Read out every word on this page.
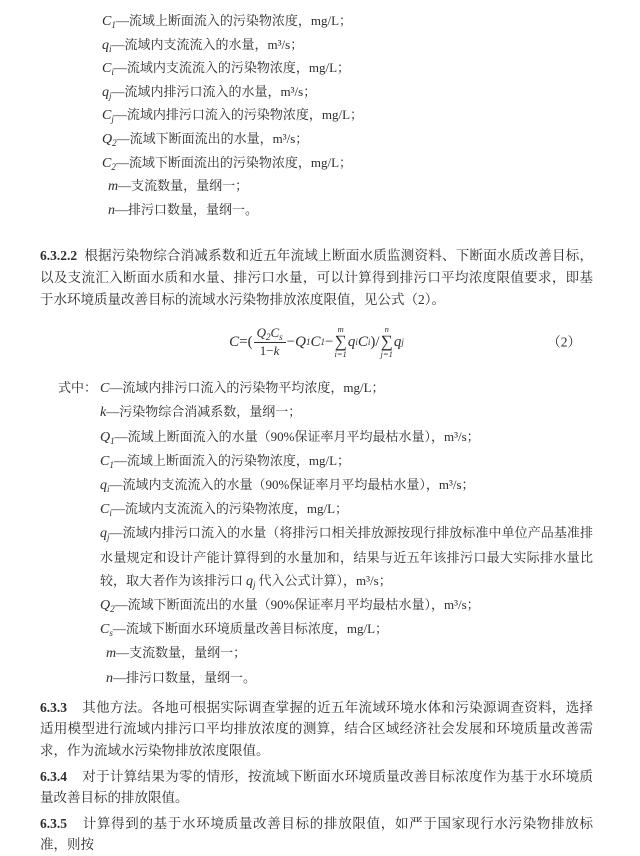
$C_1—$流域上断面流入的污染物浓度，mg/L；
$q_i—$流域内支流流入的水量，m³/s；
$C_i—$流域内支流流入的污染物浓度，mg/L；
$q_j—$流域内排污口流入的水量，m³/s；
$C_j—$流域内排污口流入的污染物浓度，mg/L；
$Q_2—$流域下断面流出的水量，m³/s；
$C_2—$流域下断面流出的污染物浓度，mg/L；
m—支流数量，量纲一；
n—排污口数量，量纲一。

6.3.2.2 根据污染物综合消减系数和近五年流域上断面水质监测资料、下断面水质改善目标，以及支流汇入断面水质和水量、排污口水量，可以计算得到排污口平均浓度限值要求，即基于水环境质量改善目标的流域水污染物排放浓度限值，见公式（2）。

C =( $\frac{Q_2C_s}{1-k} - Q$ 1 C 1 −
m
∑
i=1
q i C i )/
n
∑
j=1
q j	（2）
式中： C—流域内排污口流入的污染物平均浓度，mg/L；
k—污染物综合消减系数，量纲一；
$Q_1—$流域上断面流入的水量（90%保证率月平均最枯水量），m³/s；
$C_1—$流域上断面流入的污染物浓度，mg/L；
$q_i—$流域内支流流入的水量（90%保证率月平均最枯水量），m³/s；
$C_i—$流域内支流流入的污染物浓度，mg/L；
$q_j—$流域内排污口流入的水量（将排污口相关排放源按现行排放标准中单位产品基准排水量规定和设计产能计算得到的水量加和，结果与近五年该排污口最大实际排水量比较，取大者作为该排污口 $q_j$ 代入公式计算），m³/s；
$Q_2—$流域下断面流出的水量（90%保证率月平均最枯水量），m³/s；
$C_s—$流域下断面水环境质量改善目标浓度，mg/L；
m—支流数量，量纲一；
n—排污口数量，量纲一。

6.3.3 其他方法。各地可根据实际调查掌握的近五年流域环境水体和污染源调查资料，选择适用模型进行流域内排污口平均排放浓度的测算，结合区域经济社会发展和环境质量改善需求，作为流域水污染物排放浓度限值。

6.3.4 对于计算结果为零的情形，按流域下断面水环境质量改善目标浓度作为基于水环境质量改善目标的排放限值。

6.3.5 计算得到的基于水环境质量改善目标的排放限值，如严于国家现行水污染物排放标准，则按
